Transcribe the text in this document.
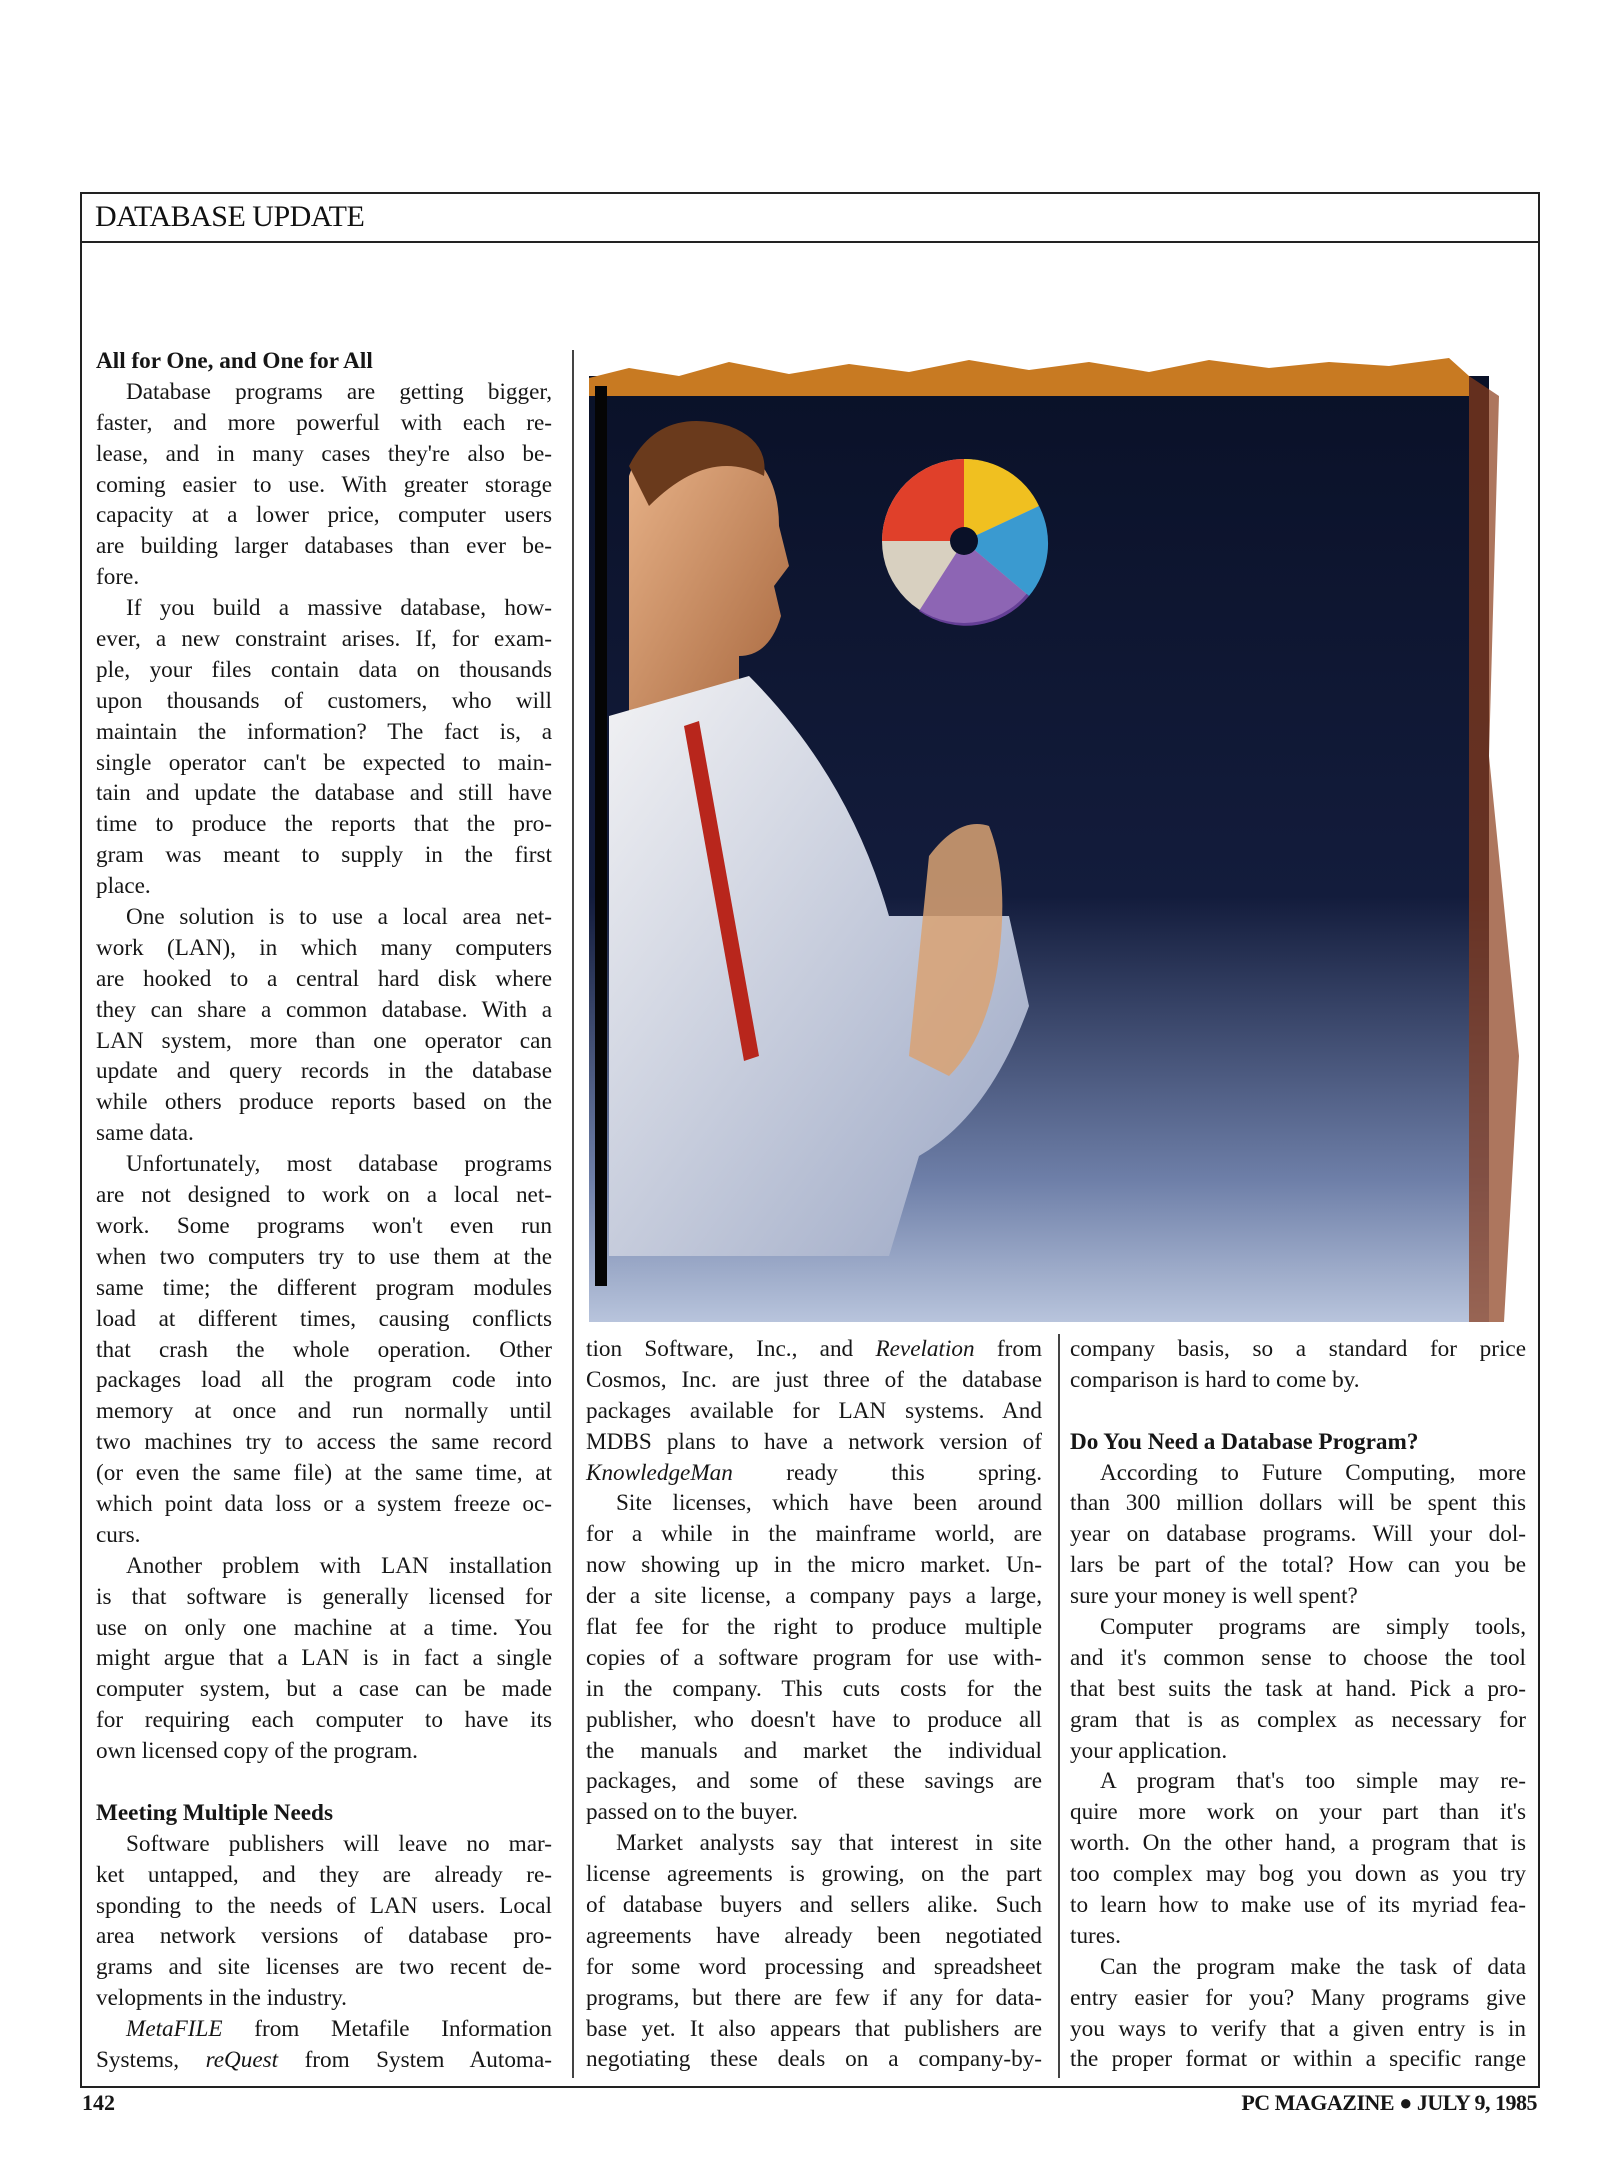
DATABASE UPDATE
All for One, and One for All
Database programs are getting bigger,
faster, and more powerful with each re-
lease, and in many cases they're also be-
coming easier to use. With greater storage
capacity at a lower price, computer users
are building larger databases than ever be-
fore.
If you build a massive database, how-
ever, a new constraint arises. If, for exam-
ple, your files contain data on thousands
upon thousands of customers, who will
maintain the information? The fact is, a
single operator can't be expected to main-
tain and update the database and still have
time to produce the reports that the pro-
gram was meant to supply in the first
place.
One solution is to use a local area net-
work (LAN), in which many computers
are hooked to a central hard disk where
they can share a common database. With a
LAN system, more than one operator can
update and query records in the database
while others produce reports based on the
same data.
Unfortunately, most database programs
are not designed to work on a local net-
work. Some programs won't even run
when two computers try to use them at the
same time; the different program modules
load at different times, causing conflicts
that crash the whole operation. Other
packages load all the program code into
memory at once and run normally until
two machines try to access the same record
(or even the same file) at the same time, at
which point data loss or a system freeze oc-
curs.
Another problem with LAN installation
is that software is generally licensed for
use on only one machine at a time. You
might argue that a LAN is in fact a single
computer system, but a case can be made
for requiring each computer to have its
own licensed copy of the program.
Meeting Multiple Needs
Software publishers will leave no mar-
ket untapped, and they are already re-
sponding to the needs of LAN users. Local
area network versions of database pro-
grams and site licenses are two recent de-
velopments in the industry.
MetaFILE from Metafile Information
Systems, reQuest from System Automa-
tion Software, Inc., and Revelation from
Cosmos, Inc. are just three of the database
packages available for LAN systems. And
MDBS plans to have a network version of
KnowledgeMan ready this spring.
Site licenses, which have been around
for a while in the mainframe world, are
now showing up in the micro market. Un-
der a site license, a company pays a large,
flat fee for the right to produce multiple
copies of a software program for use with-
in the company. This cuts costs for the
publisher, who doesn't have to produce all
the manuals and market the individual
packages, and some of these savings are
passed on to the buyer.
Market analysts say that interest in site
license agreements is growing, on the part
of database buyers and sellers alike. Such
agreements have already been negotiated
for some word processing and spreadsheet
programs, but there are few if any for data-
base yet. It also appears that publishers are
negotiating these deals on a company-by-
company basis, so a standard for price
comparison is hard to come by.
Do You Need a Database Program?
According to Future Computing, more
than 300 million dollars will be spent this
year on database programs. Will your dol-
lars be part of the total? How can you be
sure your money is well spent?
Computer programs are simply tools,
and it's common sense to choose the tool
that best suits the task at hand. Pick a pro-
gram that is as complex as necessary for
your application.
A program that's too simple may re-
quire more work on your part than it's
worth. On the other hand, a program that is
too complex may bog you down as you try
to learn how to make use of its myriad fea-
tures.
Can the program make the task of data
entry easier for you? Many programs give
you ways to verify that a given entry is in
the proper format or within a specific range
142	PC MAGAZINE ● JULY 9, 1985
